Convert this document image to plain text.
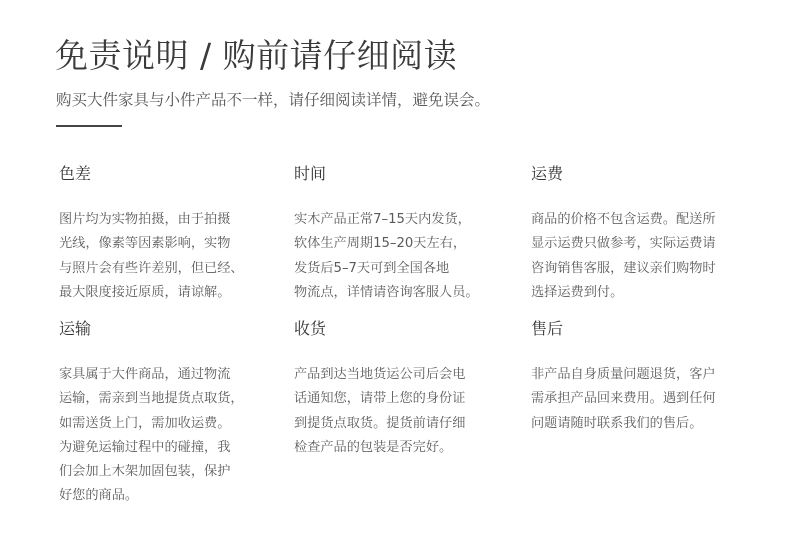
免责说明 / 购前请仔细阅读
购买大件家具与小件产品不一样，请仔细阅读详情，避免误会。
色差
图片均为实物拍摄，由于拍摄
光线，像素等因素影响，实物
与照片会有些许差别，但已经、
最大限度接近原质，请谅解。
时间
实木产品正常7–15天内发货，
软体生产周期15–20天左右，
发货后5–7天可到全国各地
物流点，详情请咨询客服人员。
运费
商品的价格不包含运费。配送所
显示运费只做参考，实际运费请
咨询销售客服，建议亲们购物时
选择运费到付。
运输
家具属于大件商品，通过物流
运输，需亲到当地提货点取货，
如需送货上门，需加收运费。
为避免运输过程中的碰撞，我
们会加上木架加固包装，保护
好您的商品。
收货
产品到达当地货运公司后会电
话通知您，请带上您的身份证
到提货点取货。提货前请仔细
检查产品的包装是否完好。
售后
非产品自身质量问题退货，客户
需承担产品回来费用。遇到任何
问题请随时联系我们的售后。
